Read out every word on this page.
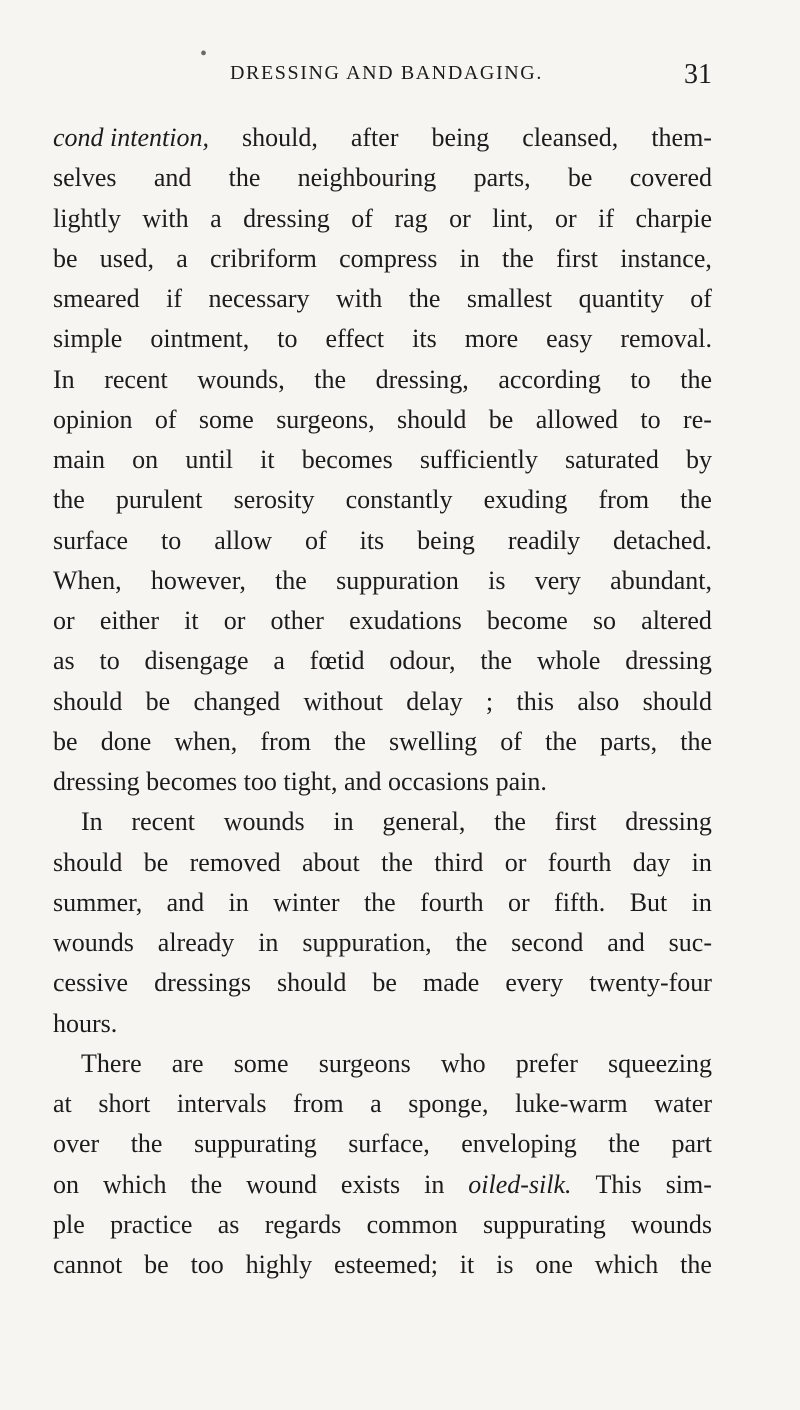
•
DRESSING AND BANDAGING.	31
cond intention, should, after being cleansed, them-
selves and the neighbouring parts, be covered
lightly with a dressing of rag or lint, or if charpie
be used, a cribriform compress in the first instance,
smeared if necessary with the smallest quantity of
simple ointment, to effect its more easy removal.
In recent wounds, the dressing, according to the
opinion of some surgeons, should be allowed to re-
main on until it becomes sufficiently saturated by
the purulent serosity constantly exuding from the
surface to allow of its being readily detached.
When, however, the suppuration is very abundant,
or either it or other exudations become so altered
as to disengage a fœtid odour, the whole dressing
should be changed without delay ; this also should
be done when, from the swelling of the parts, the
dressing becomes too tight, and occasions pain.
In recent wounds in general, the first dressing
should be removed about the third or fourth day in
summer, and in winter the fourth or fifth. But in
wounds already in suppuration, the second and suc-
cessive dressings should be made every twenty-four
hours.
There are some surgeons who prefer squeezing
at short intervals from a sponge, luke-warm water
over the suppurating surface, enveloping the part
on which the wound exists in oiled-silk. This sim-
ple practice as regards common suppurating wounds
cannot be too highly esteemed; it is one which the
